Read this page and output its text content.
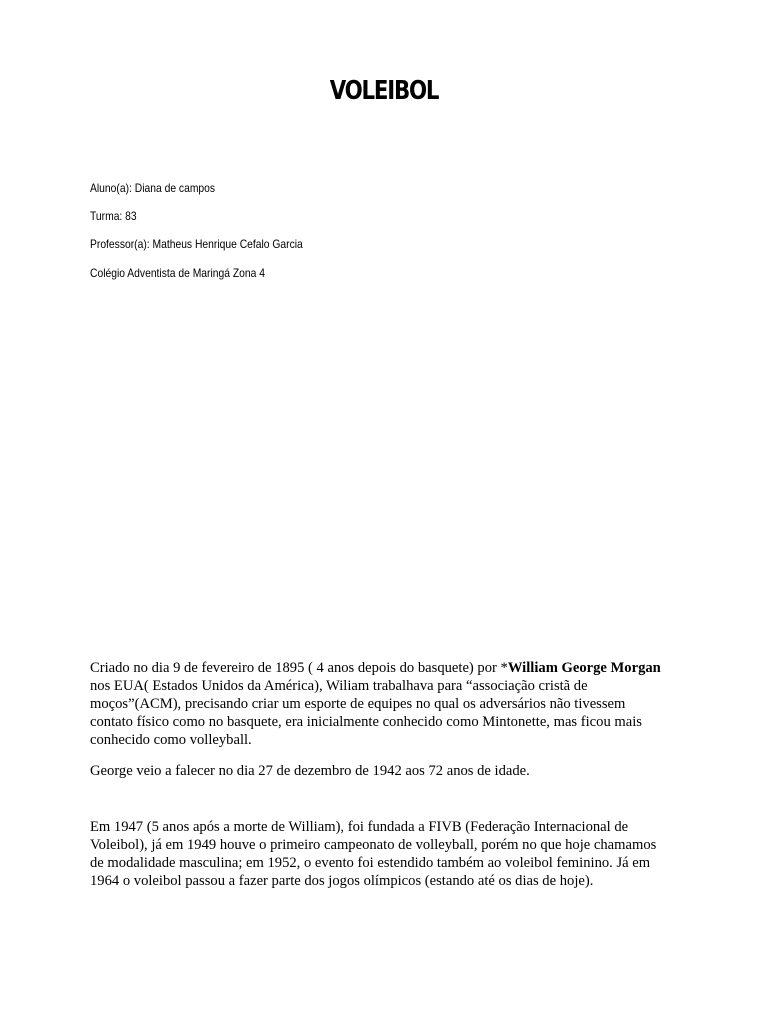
VOLEIBOL

Aluno(a): Diana de campos

Turma: 83

Professor(a): Matheus Henrique Cefalo Garcia

Colégio Adventista de Maringá Zona 4

Criado no dia 9 de fevereiro de 1895 ( 4 anos depois do basquete) por *William George Morgan nos EUA( Estados Unidos da América), Wiliam trabalhava para “associação cristã de moços”(ACM), precisando criar um esporte de equipes no qual os adversários não tivessem contato físico como no basquete, era inicialmente conhecido como Mintonette, mas ficou mais conhecido como volleyball.

George veio a falecer no dia 27 de dezembro de 1942 aos 72 anos de idade.

Em 1947 (5 anos após a morte de William), foi fundada a FIVB (Federação Internacional de Voleibol), já em 1949 houve o primeiro campeonato de volleyball, porém no que hoje chamamos de modalidade masculina; em 1952, o evento foi estendido também ao voleibol feminino. Já em 1964 o voleibol passou a fazer parte dos jogos olímpicos (estando até os dias de hoje).
